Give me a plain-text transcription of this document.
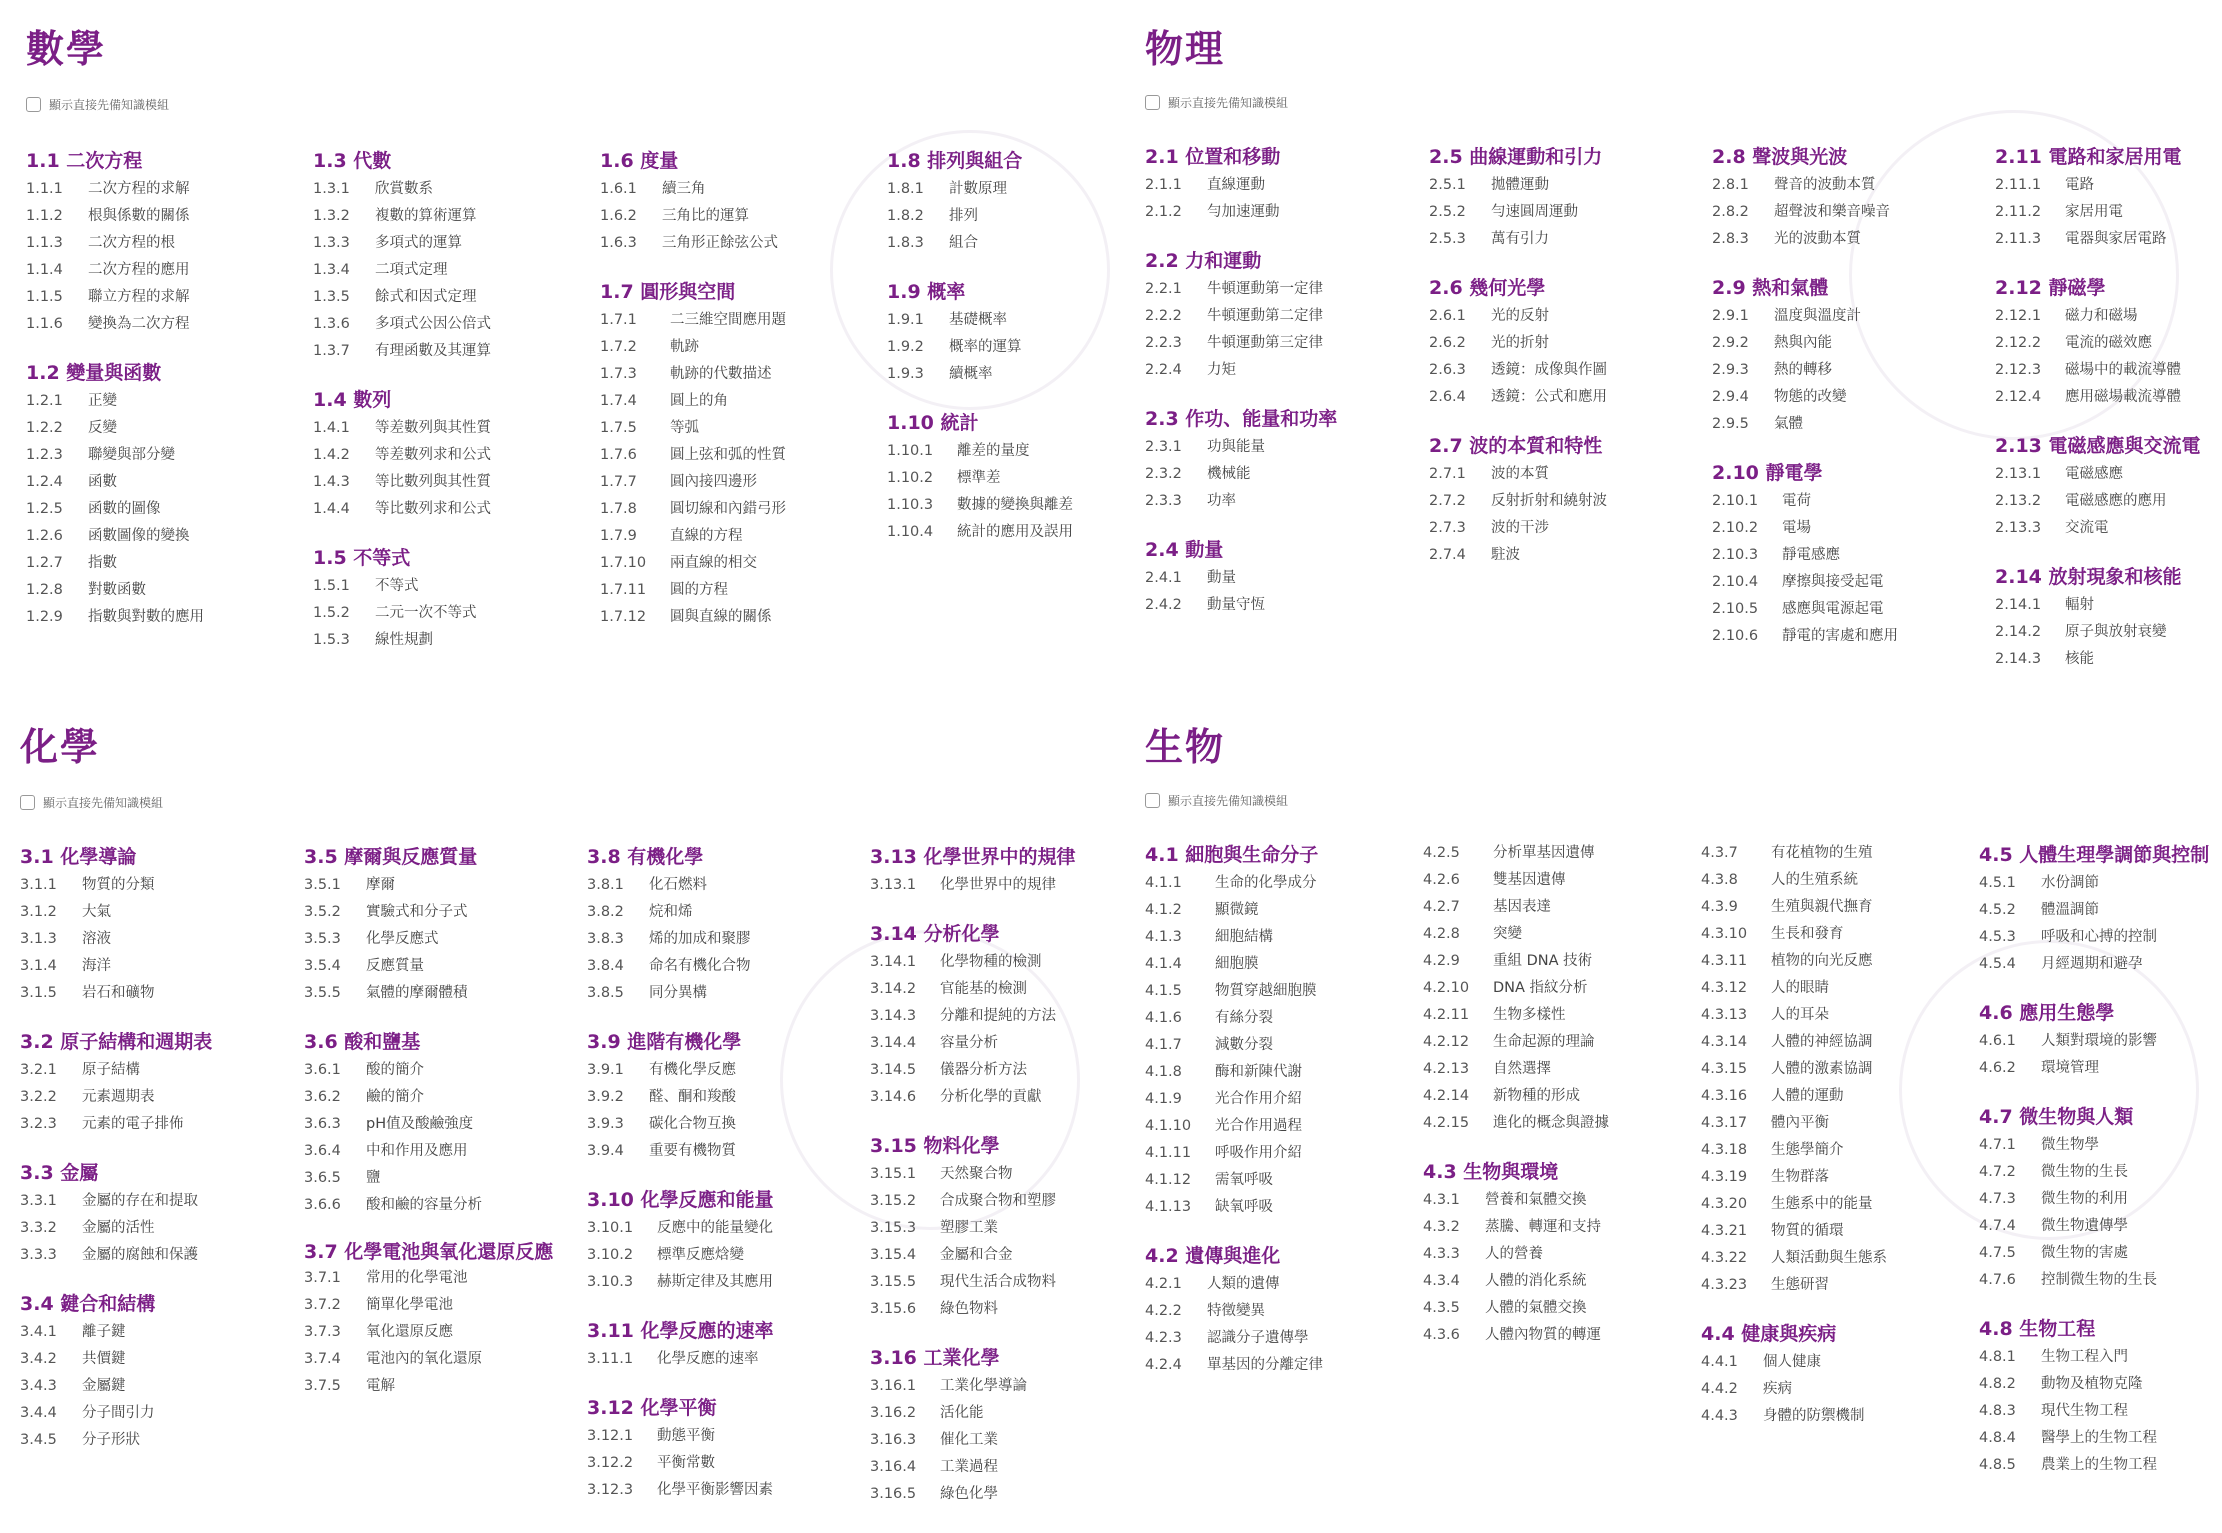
數學
顯示直接先備知識模組
1.1 二次方程
1.1.1	二次方程的求解
1.1.2	根與係數的關係
1.1.3	二次方程的根
1.1.4	二次方程的應用
1.1.5	聯立方程的求解
1.1.6	變換為二次方程
1.2 變量與函數
1.2.1	正變
1.2.2	反變
1.2.3	聯變與部分變
1.2.4	函數
1.2.5	函數的圖像
1.2.6	函數圖像的變換
1.2.7	指數
1.2.8	對數函數
1.2.9	指數與對數的應用
1.3 代數
1.3.1	欣賞數系
1.3.2	複數的算術運算
1.3.3	多項式的運算
1.3.4	二項式定理
1.3.5	餘式和因式定理
1.3.6	多項式公因公倍式
1.3.7	有理函數及其運算
1.4 數列
1.4.1	等差數列與其性質
1.4.2	等差數列求和公式
1.4.3	等比數列與其性質
1.4.4	等比數列求和公式
1.5 不等式
1.5.1	不等式
1.5.2	二元一次不等式
1.5.3	線性規劃
1.6 度量
1.6.1	續三角
1.6.2	三角比的運算
1.6.3	三角形正餘弦公式
1.7 圓形與空間
1.7.1	二三維空間應用題
1.7.2	軌跡
1.7.3	軌跡的代數描述
1.7.4	圓上的角
1.7.5	等弧
1.7.6	圓上弦和弧的性質
1.7.7	圓內接四邊形
1.7.8	圓切線和內錯弓形
1.7.9	直線的方程
1.7.10	兩直線的相交
1.7.11	圓的方程
1.7.12	圓與直線的關係
1.8 排列與組合
1.8.1	計數原理
1.8.2	排列
1.8.3	組合
1.9 概率
1.9.1	基礎概率
1.9.2	概率的運算
1.9.3	續概率
1.10 統計
1.10.1	離差的量度
1.10.2	標準差
1.10.3	數據的變換與離差
1.10.4	統計的應用及誤用
物理
顯示直接先備知識模組
2.1 位置和移動
2.1.1	直線運動
2.1.2	勻加速運動
2.2 力和運動
2.2.1	牛頓運動第一定律
2.2.2	牛頓運動第二定律
2.2.3	牛頓運動第三定律
2.2.4	力矩
2.3 作功、能量和功率
2.3.1	功與能量
2.3.2	機械能
2.3.3	功率
2.4 動量
2.4.1	動量
2.4.2	動量守恆
2.5 曲線運動和引力
2.5.1	拋體運動
2.5.2	勻速圓周運動
2.5.3	萬有引力
2.6 幾何光學
2.6.1	光的反射
2.6.2	光的折射
2.6.3	透鏡：成像與作圖
2.6.4	透鏡：公式和應用
2.7 波的本質和特性
2.7.1	波的本質
2.7.2	反射折射和繞射波
2.7.3	波的干涉
2.7.4	駐波
2.8 聲波與光波
2.8.1	聲音的波動本質
2.8.2	超聲波和樂音噪音
2.8.3	光的波動本質
2.9 熱和氣體
2.9.1	溫度與溫度計
2.9.2	熱與內能
2.9.3	熱的轉移
2.9.4	物態的改變
2.9.5	氣體
2.10 靜電學
2.10.1	電荷
2.10.2	電場
2.10.3	靜電感應
2.10.4	摩擦與接受起電
2.10.5	感應與電源起電
2.10.6	靜電的害處和應用
2.11 電路和家居用電
2.11.1	電路
2.11.2	家居用電
2.11.3	電器與家居電路
2.12 靜磁學
2.12.1	磁力和磁場
2.12.2	電流的磁效應
2.12.3	磁場中的載流導體
2.12.4	應用磁場載流導體
2.13 電磁感應與交流電
2.13.1	電磁感應
2.13.2	電磁感應的應用
2.13.3	交流電
2.14 放射現象和核能
2.14.1	輻射
2.14.2	原子與放射衰變
2.14.3	核能
化學
顯示直接先備知識模組
3.1 化學導論
3.1.1	物質的分類
3.1.2	大氣
3.1.3	溶液
3.1.4	海洋
3.1.5	岩石和礦物
3.2 原子結構和週期表
3.2.1	原子結構
3.2.2	元素週期表
3.2.3	元素的電子排佈
3.3 金屬
3.3.1	金屬的存在和提取
3.3.2	金屬的活性
3.3.3	金屬的腐蝕和保護
3.4 鍵合和結構
3.4.1	離子鍵
3.4.2	共價鍵
3.4.3	金屬鍵
3.4.4	分子間引力
3.4.5	分子形狀
3.5 摩爾與反應質量
3.5.1	摩爾
3.5.2	實驗式和分子式
3.5.3	化學反應式
3.5.4	反應質量
3.5.5	氣體的摩爾體積
3.6 酸和鹽基
3.6.1	酸的簡介
3.6.2	鹼的簡介
3.6.3	pH值及酸鹼強度
3.6.4	中和作用及應用
3.6.5	鹽
3.6.6	酸和鹼的容量分析
3.7 化學電池與氧化還原反應
3.7.1	常用的化學電池
3.7.2	簡單化學電池
3.7.3	氧化還原反應
3.7.4	電池內的氧化還原
3.7.5	電解
3.8 有機化學
3.8.1	化石燃料
3.8.2	烷和烯
3.8.3	烯的加成和聚膠
3.8.4	命名有機化合物
3.8.5	同分異構
3.9 進階有機化學
3.9.1	有機化學反應
3.9.2	醛、酮和羧酸
3.9.3	碳化合物互換
3.9.4	重要有機物質
3.10 化學反應和能量
3.10.1	反應中的能量變化
3.10.2	標準反應焓變
3.10.3	赫斯定律及其應用
3.11 化學反應的速率
3.11.1	化學反應的速率
3.12 化學平衡
3.12.1	動態平衡
3.12.2	平衡常數
3.12.3	化學平衡影響因素
3.13 化學世界中的規律
3.13.1	化學世界中的規律
3.14 分析化學
3.14.1	化學物種的檢測
3.14.2	官能基的檢測
3.14.3	分離和提純的方法
3.14.4	容量分析
3.14.5	儀器分析方法
3.14.6	分析化學的貢獻
3.15 物料化學
3.15.1	天然聚合物
3.15.2	合成聚合物和塑膠
3.15.3	塑膠工業
3.15.4	金屬和合金
3.15.5	現代生活合成物料
3.15.6	綠色物料
3.16 工業化學
3.16.1	工業化學導論
3.16.2	活化能
3.16.3	催化工業
3.16.4	工業過程
3.16.5	綠色化學
生物
顯示直接先備知識模組
4.1 細胞與生命分子
4.1.1	生命的化學成分
4.1.2	顯微鏡
4.1.3	細胞結構
4.1.4	細胞膜
4.1.5	物質穿越細胞膜
4.1.6	有絲分裂
4.1.7	減數分裂
4.1.8	酶和新陳代謝
4.1.9	光合作用介紹
4.1.10	光合作用過程
4.1.11	呼吸作用介紹
4.1.12	需氧呼吸
4.1.13	缺氧呼吸
4.2 遺傳與進化
4.2.1	人類的遺傳
4.2.2	特徵變異
4.2.3	認識分子遺傳學
4.2.4	單基因的分離定律
4.2.5	分析單基因遺傳
4.2.6	雙基因遺傳
4.2.7	基因表達
4.2.8	突變
4.2.9	重組 DNA 技術
4.2.10	DNA 指紋分析
4.2.11	生物多樣性
4.2.12	生命起源的理論
4.2.13	自然選擇
4.2.14	新物種的形成
4.2.15	進化的概念與證據
4.3 生物與環境
4.3.1	營養和氣體交換
4.3.2	蒸騰、轉運和支持
4.3.3	人的營養
4.3.4	人體的消化系統
4.3.5	人體的氣體交換
4.3.6	人體內物質的轉運
4.3.7	有花植物的生殖
4.3.8	人的生殖系統
4.3.9	生殖與親代撫育
4.3.10	生長和發育
4.3.11	植物的向光反應
4.3.12	人的眼睛
4.3.13	人的耳朵
4.3.14	人體的神經協調
4.3.15	人體的激素協調
4.3.16	人體的運動
4.3.17	體內平衡
4.3.18	生態學簡介
4.3.19	生物群落
4.3.20	生態系中的能量
4.3.21	物質的循環
4.3.22	人類活動與生態系
4.3.23	生態研習
4.4 健康與疾病
4.4.1	個人健康
4.4.2	疾病
4.4.3	身體的防禦機制
4.5 人體生理學調節與控制
4.5.1	水份調節
4.5.2	體溫調節
4.5.3	呼吸和心搏的控制
4.5.4	月經週期和避孕
4.6 應用生態學
4.6.1	人類對環境的影響
4.6.2	環境管理
4.7 微生物與人類
4.7.1	微生物學
4.7.2	微生物的生長
4.7.3	微生物的利用
4.7.4	微生物遺傳學
4.7.5	微生物的害處
4.7.6	控制微生物的生長
4.8 生物工程
4.8.1	生物工程入門
4.8.2	動物及植物克隆
4.8.3	現代生物工程
4.8.4	醫學上的生物工程
4.8.5	農業上的生物工程
